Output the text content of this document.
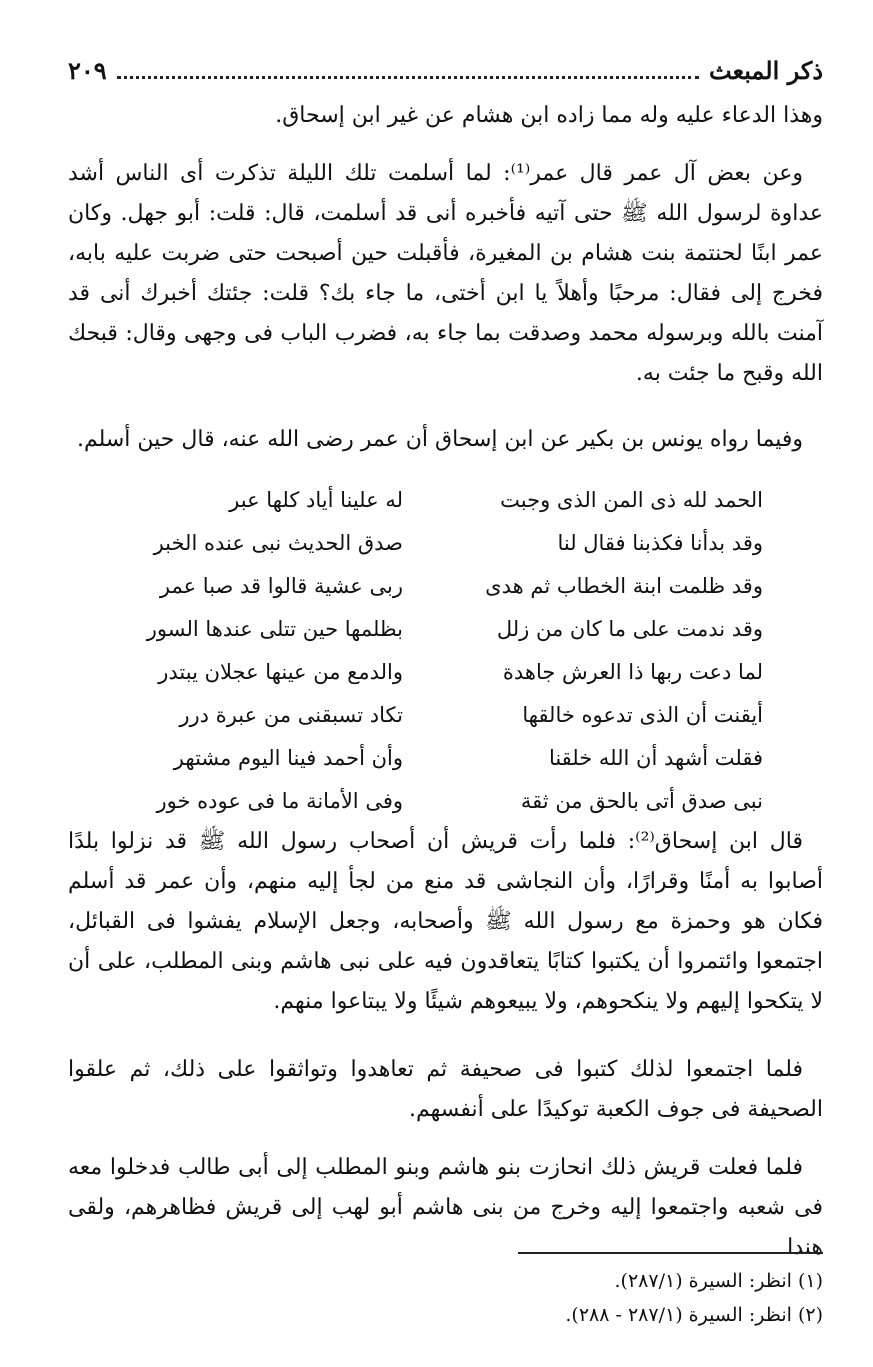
ذكر المبعث
٢٠٩
وهذا الدعاء عليه وله مما زاده ابن هشام عن غير ابن إسحاق.
وعن بعض آل عمر قال عمر⁽¹⁾: لما أسلمت تلك الليلة تذكرت أى الناس أشد عداوة لرسول الله ﷺ حتى آتيه فأخبره أنى قد أسلمت، قال: قلت: أبو جهل. وكان عمر ابنًا لحنتمة بنت هشام بن المغيرة، فأقبلت حين أصبحت حتى ضربت عليه بابه، فخرج إلى فقال: مرحبًا وأهلاً يا ابن أختى، ما جاء بك؟ قلت: جئتك أخبرك أنى قد آمنت بالله وبرسوله محمد وصدقت بما جاء به، فضرب الباب فى وجهى وقال: قبحك الله وقبح ما جئت به.
وفيما رواه يونس بن بكير عن ابن إسحاق أن عمر رضى الله عنه، قال حين أسلم.
الحمد لله ذى المن الذى وجبت
له علينا أياد كلها عبر
وقد بدأنا فكذبنا فقال لنا
صدق الحديث نبى عنده الخبر
وقد ظلمت ابنة الخطاب ثم هدى
ربى عشية قالوا قد صبا عمر
وقد ندمت على ما كان من زلل
بظلمها حين تتلى عندها السور
لما دعت ربها ذا العرش جاهدة
والدمع من عينها عجلان يبتدر
أيقنت أن الذى تدعوه خالقها
تكاد تسبقنى من عبرة درر
فقلت أشهد أن الله خلقنا
وأن أحمد فينا اليوم مشتهر
نبى صدق أتى بالحق من ثقة
وفى الأمانة ما فى عوده خور
قال ابن إسحاق⁽²⁾: فلما رأت قريش أن أصحاب رسول الله ﷺ قد نزلوا بلدًا أصابوا به أمنًا وقرارًا، وأن النجاشى قد منع من لجأ إليه منهم، وأن عمر قد أسلم فكان هو وحمزة مع رسول الله ﷺ وأصحابه، وجعل الإسلام يفشوا فى القبائل، اجتمعوا وائتمروا أن يكتبوا كتابًا يتعاقدون فيه على نبى هاشم وبنى المطلب، على أن لا يتكحوا إليهم ولا ينكحوهم، ولا يبيعوهم شيئًا ولا يبتاعوا منهم.
فلما اجتمعوا لذلك كتبوا فى صحيفة ثم تعاهدوا وتواثقوا على ذلك، ثم علقوا الصحيفة فى جوف الكعبة توكيدًا على أنفسهم.
فلما فعلت قريش ذلك انحازت بنو هاشم وبنو المطلب إلى أبى طالب فدخلوا معه فى شعبه واجتمعوا إليه وخرج من بنى هاشم أبو لهب إلى قريش فظاهرهم، ولقى هندا
(١) انظر: السيرة (٢٨٧/١).
(٢) انظر: السيرة (٢٨٧/١ - ٢٨٨).
